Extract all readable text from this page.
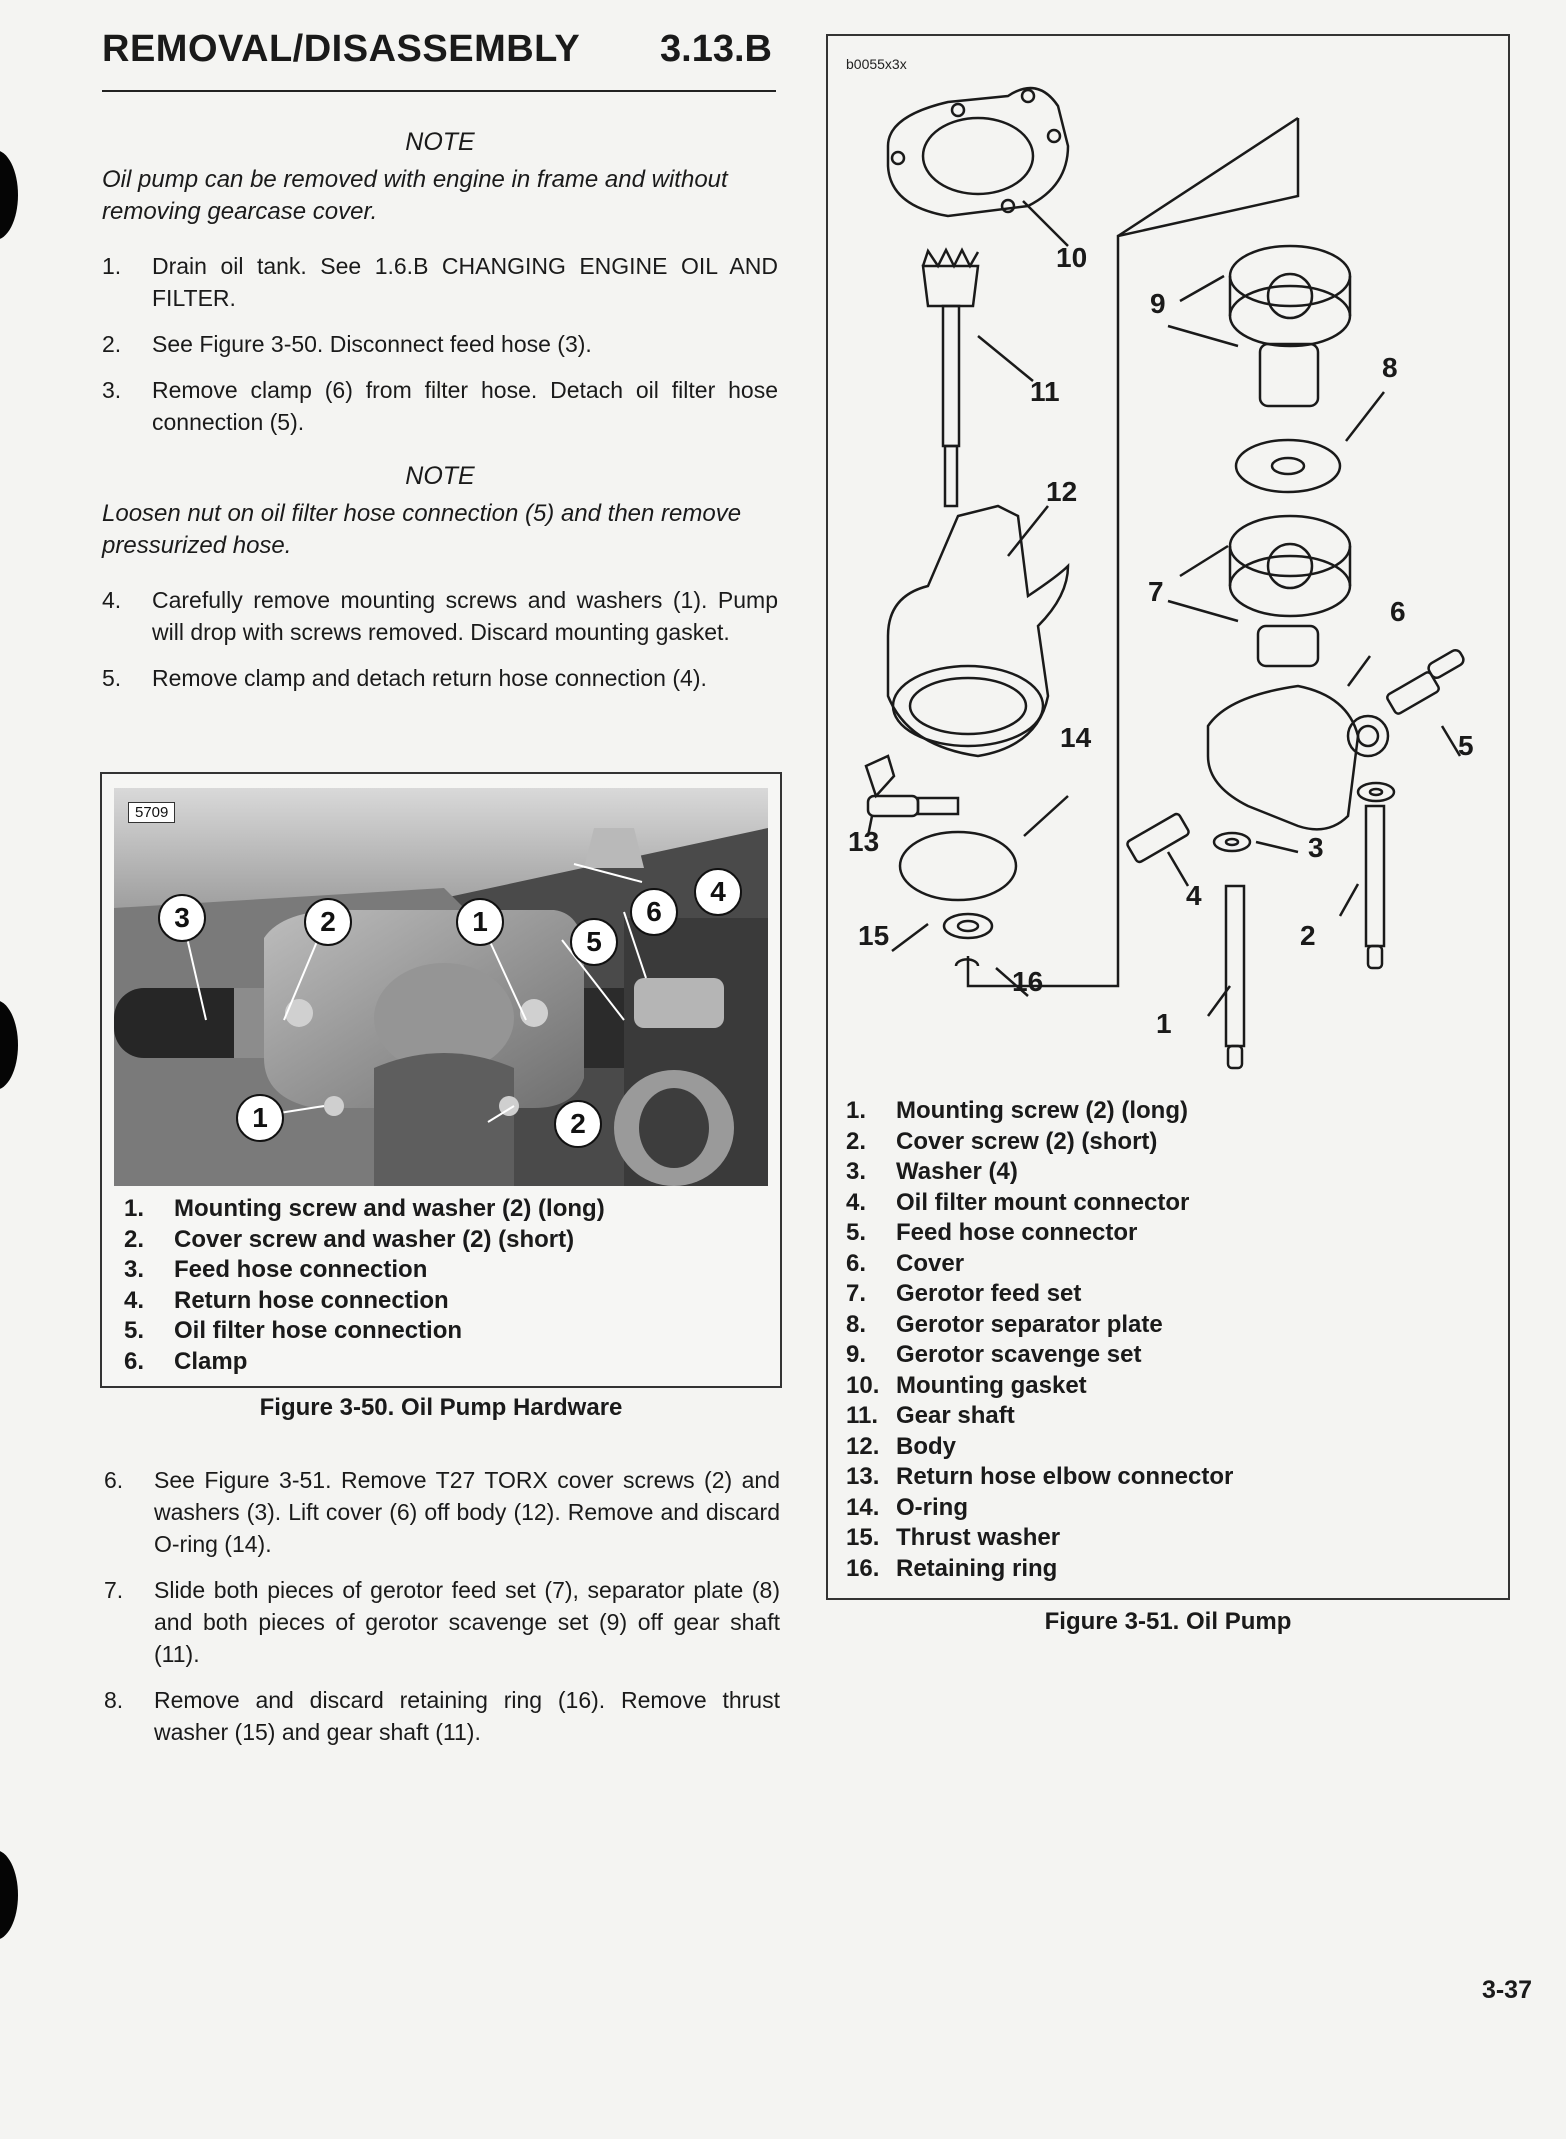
REMOVAL/DISASSEMBLY 3.13.B

NOTE

Oil pump can be removed with engine in frame and without removing gearcase cover.

1. Drain oil tank. See 1.6.B CHANGING ENGINE OIL AND FILTER.
2. See Figure 3-50. Disconnect feed hose (3).
3. Remove clamp (6) from filter hose. Detach oil filter hose connection (5).

NOTE

Loosen nut on oil filter hose connection (5) and then remove pressurized hose.

4. Carefully remove mounting screws and washers (1). Pump will drop with screws removed. Discard mounting gasket.
5. Remove clamp and detach return hose connection (4).
5709
1
2
3
4
5
6
1
2
1. Mounting screw and washer (2) (long)
2. Cover screw and washer (2) (short)
3. Feed hose connection
4. Return hose connection
5. Oil filter hose connection
6. Clamp
Figure 3-50. Oil Pump Hardware
6. See Figure 3-51. Remove T27 TORX cover screws (2) and washers (3). Lift cover (6) off body (12). Remove and discard O-ring (14).
7. Slide both pieces of gerotor feed set (7), separator plate (8) and both pieces of gerotor scavenge set (9) off gear shaft (11).
8. Remove and discard retaining ring (16). Remove thrust washer (15) and gear shaft (11).
b0055x3x
10
11
12
9
8
7
6
5
14
13
15
16
4
3
2
1
1. Mounting screw (2) (long)
2. Cover screw (2) (short)
3. Washer (4)
4. Oil filter mount connector
5. Feed hose connector
6. Cover
7. Gerotor feed set
8. Gerotor separator plate
9. Gerotor scavenge set
10. Mounting gasket
11. Gear shaft
12. Body
13. Return hose elbow connector
14. O-ring
15. Thrust washer
16. Retaining ring
Figure 3-51. Oil Pump
3-37
